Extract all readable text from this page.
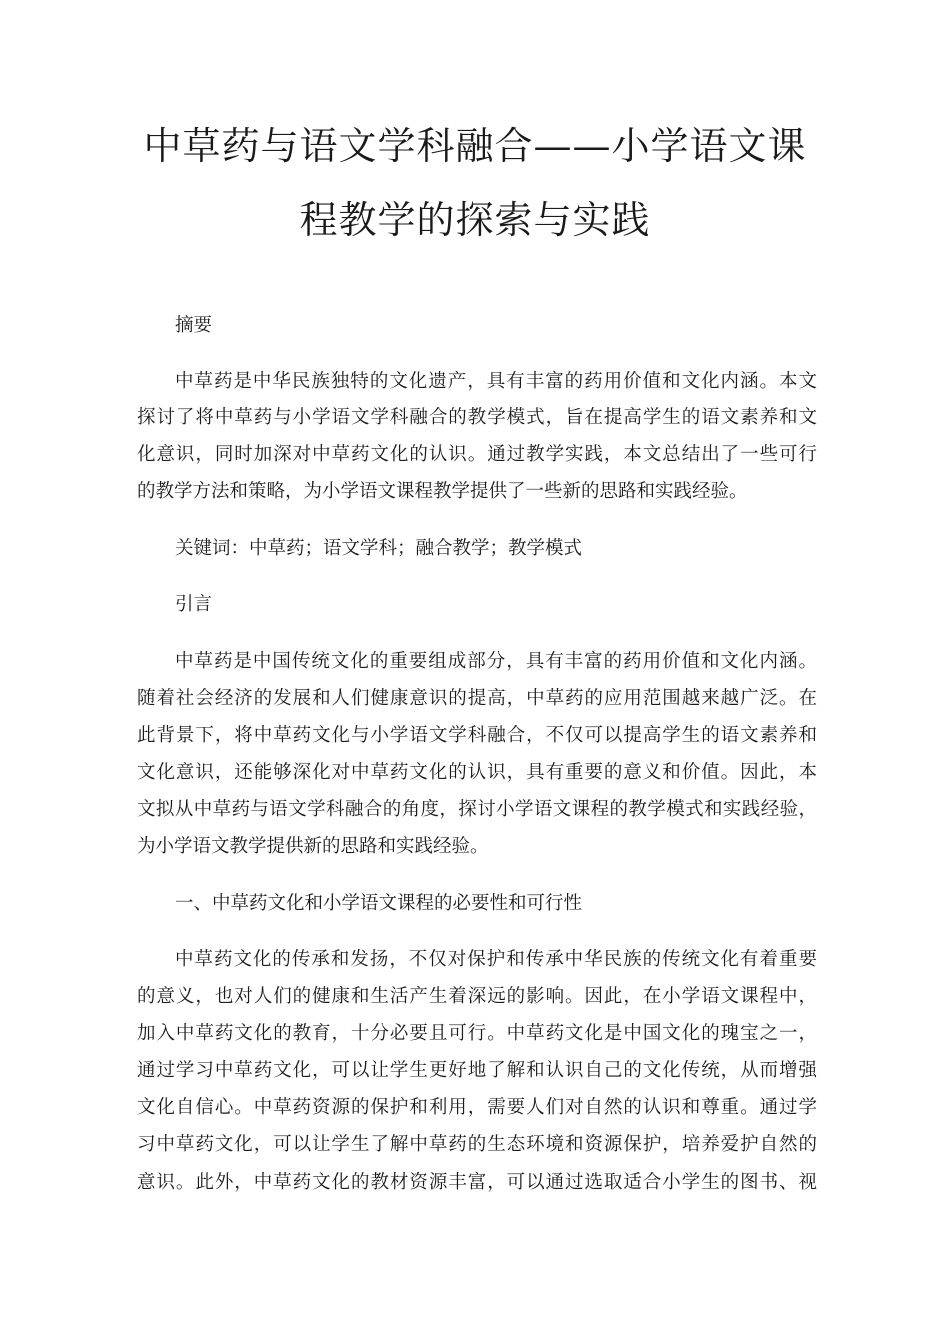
中草药与语文学科融合——小学语文课
程教学的探索与实践
摘要
中草药是中华民族独特的文化遗产，具有丰富的药用价值和文化内涵。本文
探讨了将中草药与小学语文学科融合的教学模式，旨在提高学生的语文素养和文
化意识，同时加深对中草药文化的认识。通过教学实践，本文总结出了一些可行
的教学方法和策略，为小学语文课程教学提供了一些新的思路和实践经验。
关键词：中草药；语文学科；融合教学；教学模式
引言
中草药是中国传统文化的重要组成部分，具有丰富的药用价值和文化内涵。
随着社会经济的发展和人们健康意识的提高，中草药的应用范围越来越广泛。在
此背景下，将中草药文化与小学语文学科融合，不仅可以提高学生的语文素养和
文化意识，还能够深化对中草药文化的认识，具有重要的意义和价值。因此，本
文拟从中草药与语文学科融合的角度，探讨小学语文课程的教学模式和实践经验，
为小学语文教学提供新的思路和实践经验。
一、中草药文化和小学语文课程的必要性和可行性
中草药文化的传承和发扬，不仅对保护和传承中华民族的传统文化有着重要
的意义，也对人们的健康和生活产生着深远的影响。因此，在小学语文课程中，
加入中草药文化的教育，十分必要且可行。中草药文化是中国文化的瑰宝之一，
通过学习中草药文化，可以让学生更好地了解和认识自己的文化传统，从而增强
文化自信心。中草药资源的保护和利用，需要人们对自然的认识和尊重。通过学
习中草药文化，可以让学生了解中草药的生态环境和资源保护，培养爱护自然的
意识。此外，中草药文化的教材资源丰富，可以通过选取适合小学生的图书、视
